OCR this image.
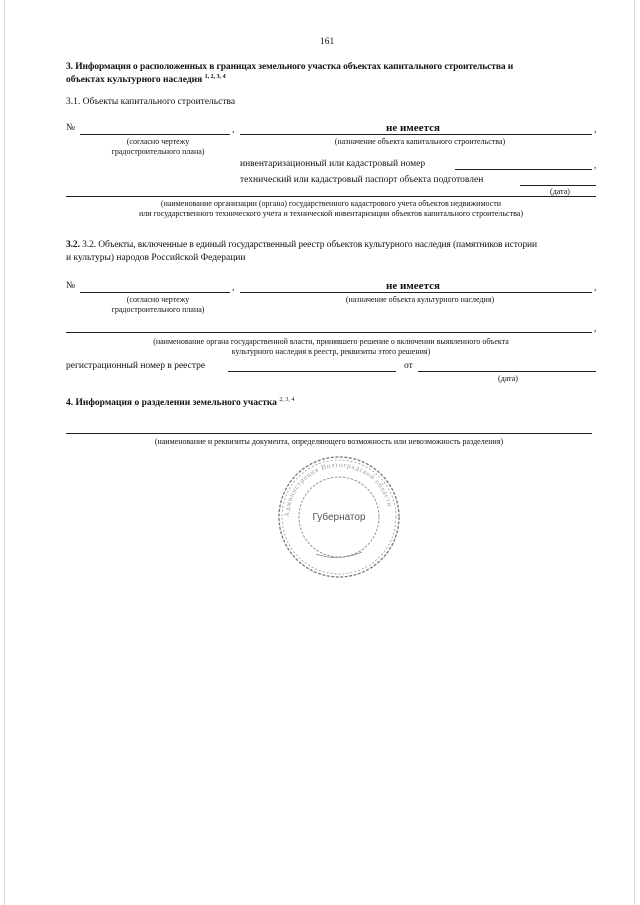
161
3. Информация о расположенных в границах земельного участка объектах капитального строительства и
объектах культурного наследия $^{1, 2, 3, 4}$
3.1. Объекты капитального строительства
№	,	не имеется	,
(согласно чертежу
градостроительного плана)
(назначение объекта капитального строительства)
инвентаризационный или кадастровый номер	,
технический или кадастровый паспорт объекта подготовлен
(дата)
(наименование организации (органа) государственного кадастрового учета объектов недвижимости
или государственного технического учета и технической инвентаризации объектов капитального строительства)
3.2. 3.2. Объекты, включенные в единый государственный реестр объектов культурного наследия (памятников истории
и культуры) народов Российской Федерации
№	,	не имеется	,
(согласно чертежу
градостроительного плана)
(назначение объекта культурного наследия)
,
(наименование органа государственной власти, принявшего решение о включении выявленного объекта
культурного наследия в реестр, реквизиты этого решения)
регистрационный номер в реестре	от
(дата)
4. Информация о разделении земельного участка $^{2, 3, 4}$
(наименование и реквизиты документа, определяющего возможность или невозможность разделения)
Администрация Волгоградской области
Губернатор
